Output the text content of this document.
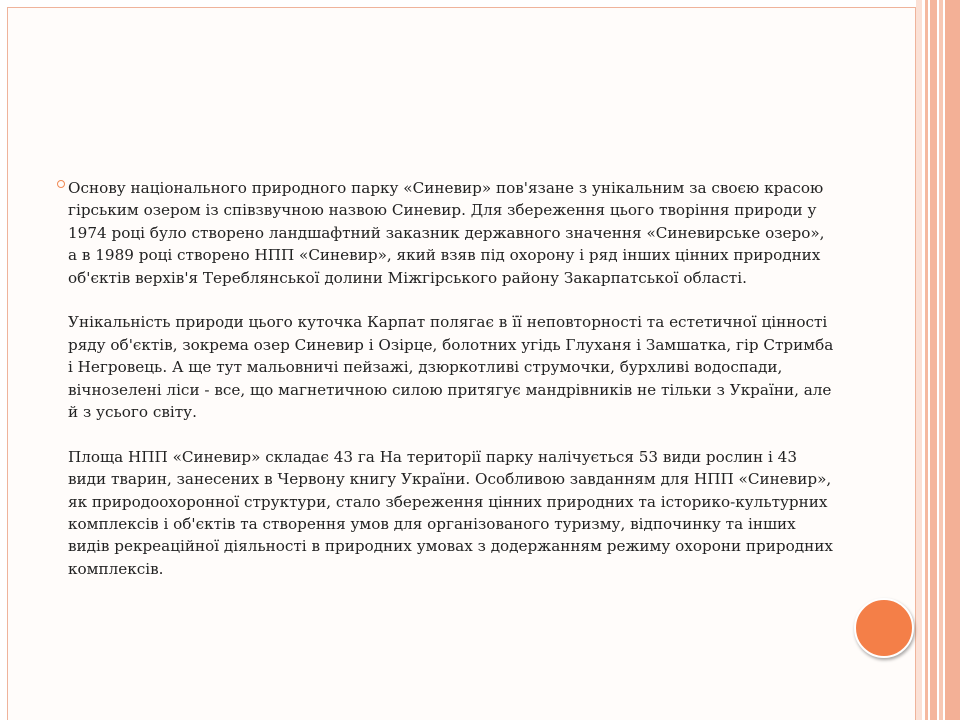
Основу національного природного парку «Синевир» пов'язане з унікальним за своєю красою гірським озером із співзвучною назвою Синевир. Для збереження цього творіння природи у 1974 році було створено ландшафтний заказник державного значення «Синевирське озеро», а в 1989 році створено НПП «Синевир», який взяв під охорону і ряд інших цінних природних об'єктів верхів'я Тереблянської долини Міжгірського району Закарпатської області.

Унікальність природи цього куточка Карпат полягає в її неповторності та естетичної цінності ряду об'єктів, зокрема озер Синевир і Озірце, болотних угідь Глуханя і Замшатка, гір Стримба і Негровець. А ще тут мальовничі пейзажі, дзюркотливі струмочки, бурхливі водоспади, вічнозелені ліси - все, що магнетичною силою притягує мандрівників не тільки з України, але й з усього світу.

Площа НПП «Синевир» складає 43 га На території парку налічується 53 види рослин і 43 види тварин, занесених в Червону книгу України. Особливою завданням для НПП «Синевир», як природоохоронної структури, стало збереження цінних природних та історико-культурних комплексів і об'єктів та створення умов для організованого туризму, відпочинку та інших видів рекреаційної діяльності в природних умовах з додержанням режиму охорони природних комплексів.
